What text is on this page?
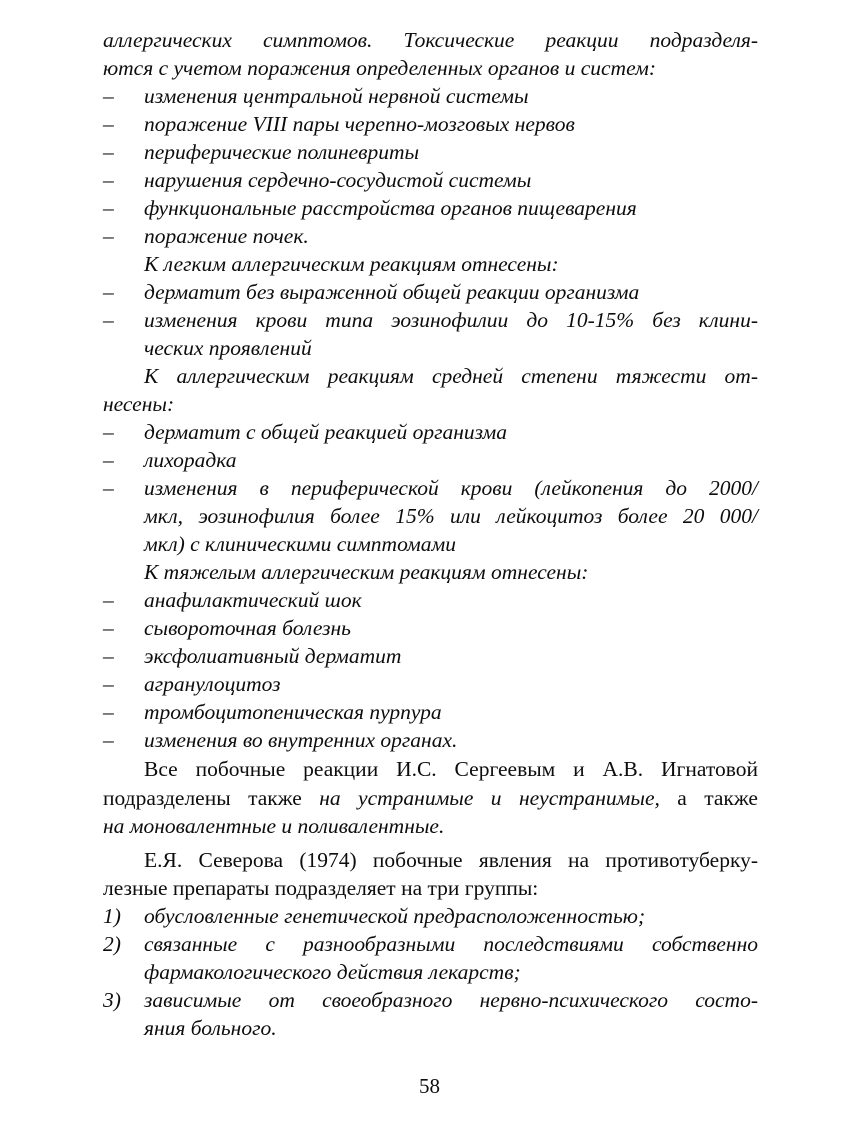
аллергических симптомов. Токсические реакции подразделя-
ются с учетом поражения определенных органов и систем:
– изменения центральной нервной системы
– поражение VIII пары черепно-мозговых нервов
– периферические полиневриты
– нарушения сердечно-сосудистой системы
– функциональные расстройства органов пищеварения
– поражение почек.
К легким аллергическим реакциям отнесены:
– дерматит без выраженной общей реакции организма
– изменения крови типа эозинофилии до 10-15% без клини-
ческих проявлений
К аллергическим реакциям средней степени тяжести от-
несены:
– дерматит с общей реакцией организма
– лихорадка
– изменения в периферической крови (лейкопения до 2000/
мкл, эозинофилия более 15% или лейкоцитоз более 20 000/
мкл) с клиническими симптомами
К тяжелым аллергическим реакциям отнесены:
– анафилактический шок
– сывороточная болезнь
– эксфолиативный дерматит
– агранулоцитоз
– тромбоцитопеническая пурпура
– изменения во внутренних органах.
Все побочные реакции И.С. Сергеевым и А.В. Игнатовой
подразделены также на устранимые и неустранимые, а также
на моновалентные и поливалентные.
Е.Я. Северова (1974) побочные явления на противотуберку-
лезные препараты подразделяет на три группы:
1) обусловленные генетической предрасположенностью;
2) связанные с разнообразными последствиями собственно
фармакологического действия лекарств;
3) зависимые от своеобразного нервно-психического состо-
яния больного.
58
